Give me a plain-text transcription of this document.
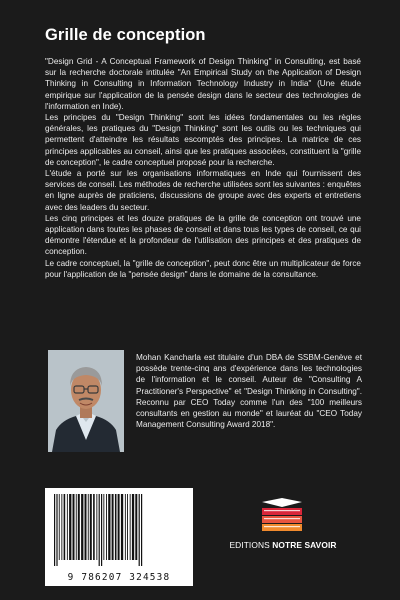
Grille de conception

"Design Grid - A Conceptual Framework of Design Thinking" in Consulting, est basé sur la recherche doctorale intitulée "An Empirical Study on the Application of Design Thinking in Consulting in Information Technology Industry in India" (Une étude empirique sur l'application de la pensée design dans le secteur des technologies de l'information en Inde).

Les principes du "Design Thinking" sont les idées fondamentales ou les règles générales, les pratiques du "Design Thinking" sont les outils ou les techniques qui permettent d'atteindre les résultats escomptés des principes. La matrice de ces principes applicables au conseil, ainsi que les pratiques associées, constituent la "grille de conception", le cadre conceptuel proposé pour la recherche.

L'étude a porté sur les organisations informatiques en Inde qui fournissent des services de conseil. Les méthodes de recherche utilisées sont les suivantes : enquêtes en ligne auprès de praticiens, discussions de groupe avec des experts et entretiens avec des leaders du secteur.

Les cinq principes et les douze pratiques de la grille de conception ont trouvé une application dans toutes les phases de conseil et dans tous les types de conseil, ce qui démontre l'étendue et la profondeur de l'utilisation des principes et des pratiques de conception.

Le cadre conceptuel, la "grille de conception", peut donc être un multiplicateur de force pour l'application de la "pensée design" dans le domaine de la consultance.

Mohan Kancharla est titulaire d'un DBA de SSBM-Genève et possède trente-cinq ans d'expérience dans les technologies de l'information et le conseil. Auteur de "Consulting A Practitioner's Perspective" et "Design Thinking in Consulting". Reconnu par CEO Today comme l'un des "100 meilleurs consultants en gestion au monde" et lauréat du "CEO Today Management Consulting Award 2018".

9 786207 324538
EDITIONS NOTRE SAVOIR
